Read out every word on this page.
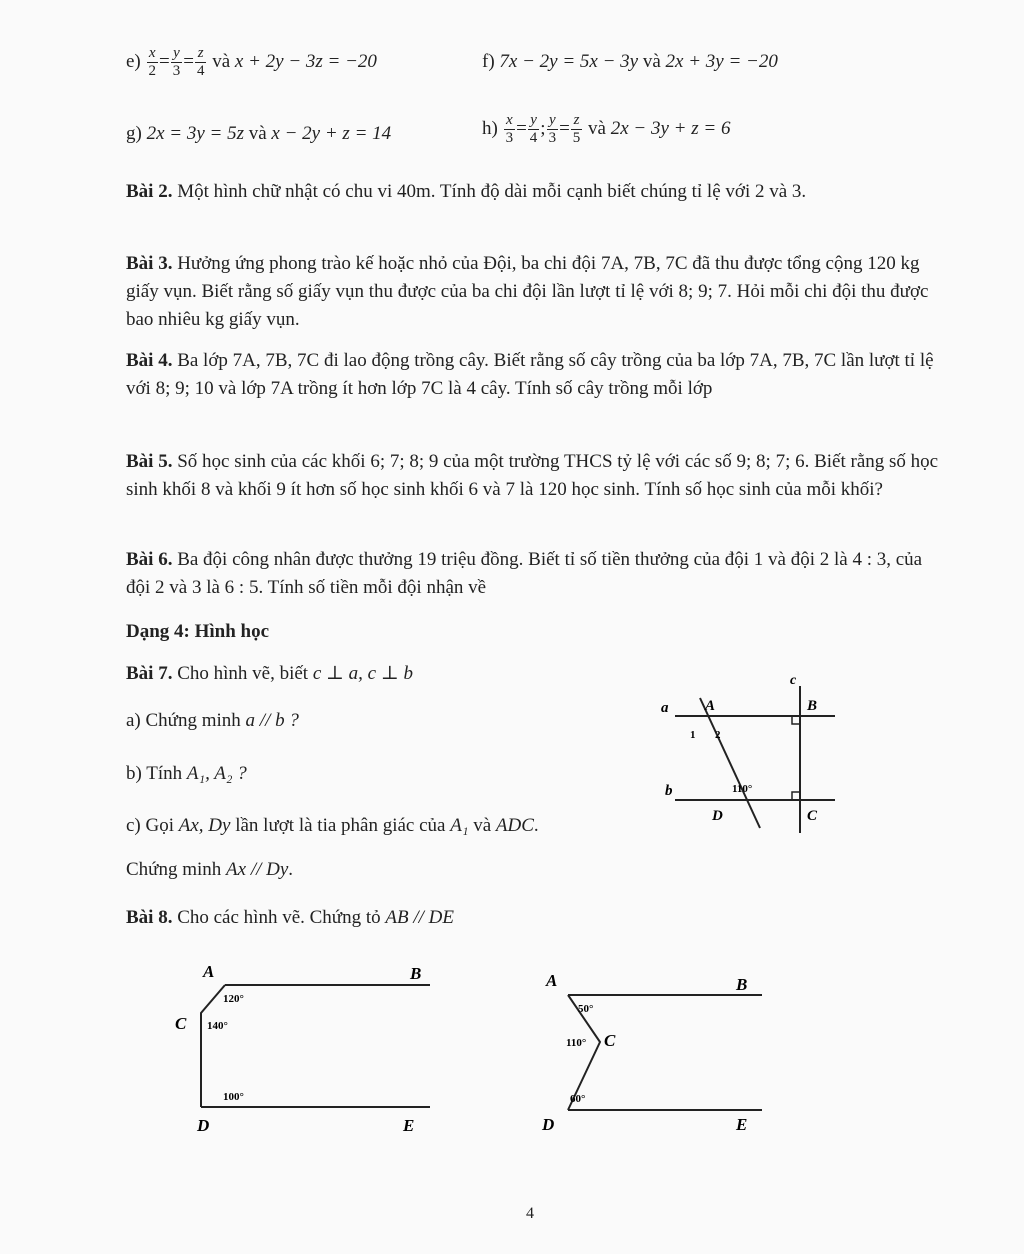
$e) \frac{x}{2} = \frac{y}{3} = \frac{z}{4}$ và x + 2y − 3z = −20	f) 7x − 2y = 5x − 3y và 2x + 3y = −20
g) 2x = 3y = 5z và x − 2y + z = 14	$h) \frac{x}{3} = \frac{y}{4}$ ; $\frac{y}{3} = \frac{z}{5}$ và 2x − 3y + z = 6

Bài 2. Một hình chữ nhật có chu vi 40m. Tính độ dài mỗi cạnh biết chúng tỉ lệ với 2 và 3.

Bài 3. Hưởng ứng phong trào kế hoặc nhỏ của Đội, ba chi đội 7A, 7B, 7C đã thu được tổng cộng 120 kg giấy vụn. Biết rằng số giấy vụn thu được của ba chi đội lần lượt tỉ lệ với 8; 9; 7. Hỏi mỗi chi đội thu được bao nhiêu kg giấy vụn.

Bài 4. Ba lớp 7A, 7B, 7C đi lao động trồng cây. Biết rằng số cây trồng của ba lớp 7A, 7B, 7C lần lượt tỉ lệ với 8; 9; 10 và lớp 7A trồng ít hơn lớp 7C là 4 cây. Tính số cây trồng mỗi lớp

Bài 5. Số học sinh của các khối 6; 7; 8; 9 của một trường THCS tỷ lệ với các số 9; 8; 7; 6. Biết rằng số học sinh khối 8 và khối 9 ít hơn số học sinh khối 6 và 7 là 120 học sinh. Tính số học sinh của mỗi khối?

Bài 6. Ba đội công nhân được thưởng 19 triệu đồng. Biết tỉ số tiền thưởng của đội 1 và đội 2 là 4 : 3, của đội 2 và 3 là 6 : 5. Tính số tiền mỗi đội nhận về

Dạng 4: Hình học
Bài 7. Cho hình vẽ, biết c ⊥ a, c ⊥ b
a) Chứng minh a // b ?
b) Tính A₁, A₂ ?
c) Gọi Ax, Dy lần lượt là tia phân giác của A₁ và ADC.
Chứng minh Ax // Dy.
c
a
b
A	B
1 2
110°
D	C
Bài 8. Cho các hình vẽ. Chứng tỏ AB // DE
A	B
C
D	E
120°
140°
100°
A	B
C
D	E
50°
110°
60°
4
